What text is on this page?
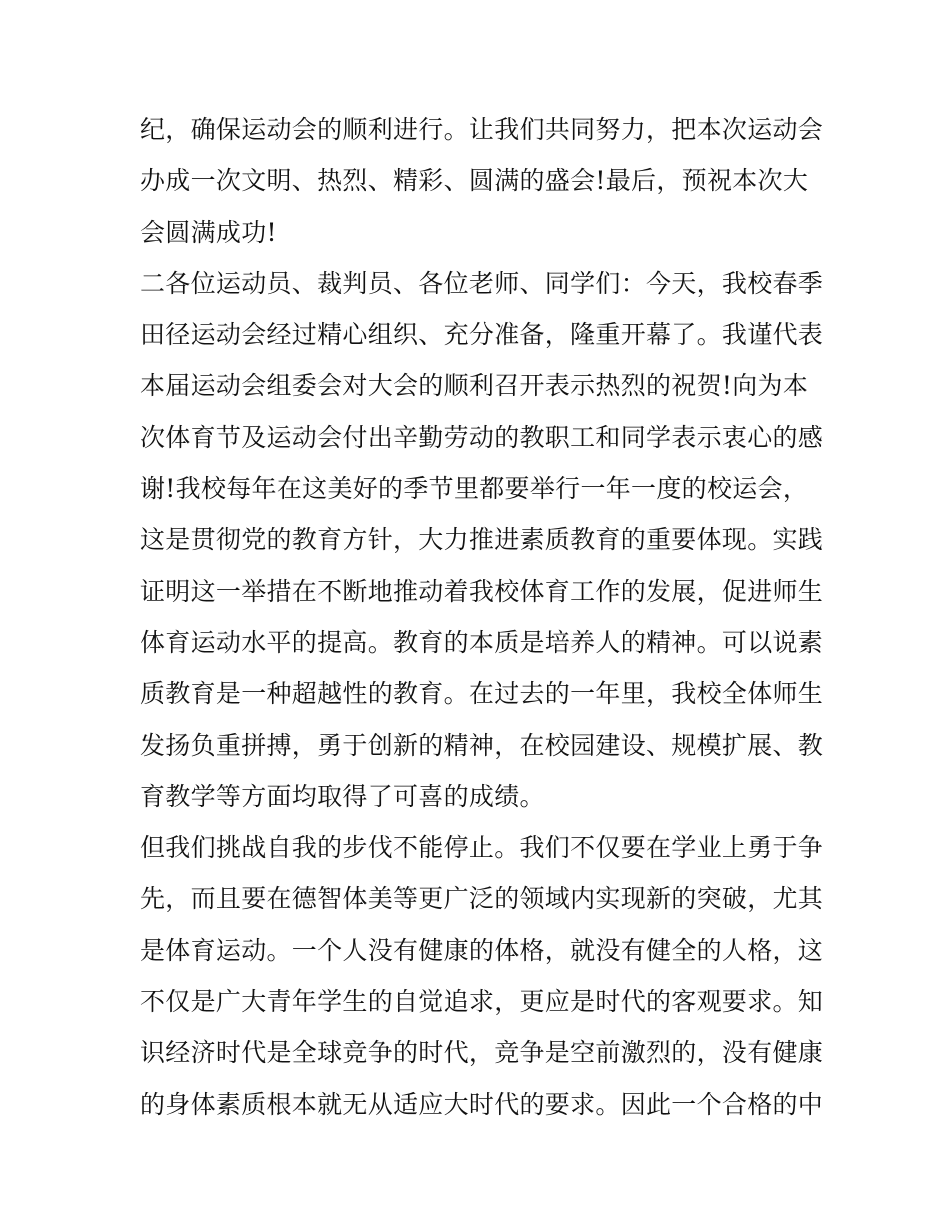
纪，确保运动会的顺利进行。让我们共同努力，把本次运动会
办成一次文明、热烈、精彩、圆满的盛会!最后，预祝本次大
会圆满成功!
二各位运动员、裁判员、各位老师、同学们：今天，我校春季
田径运动会经过精心组织、充分准备，隆重开幕了。我谨代表
本届运动会组委会对大会的顺利召开表示热烈的祝贺!向为本
次体育节及运动会付出辛勤劳动的教职工和同学表示衷心的感
谢!我校每年在这美好的季节里都要举行一年一度的校运会，
这是贯彻党的教育方针，大力推进素质教育的重要体现。实践
证明这一举措在不断地推动着我校体育工作的发展，促进师生
体育运动水平的提高。教育的本质是培养人的精神。可以说素
质教育是一种超越性的教育。在过去的一年里，我校全体师生
发扬负重拼搏，勇于创新的精神，在校园建设、规模扩展、教
育教学等方面均取得了可喜的成绩。
但我们挑战自我的步伐不能停止。我们不仅要在学业上勇于争
先，而且要在德智体美等更广泛的领域内实现新的突破，尤其
是体育运动。一个人没有健康的体格，就没有健全的人格，这
不仅是广大青年学生的自觉追求，更应是时代的客观要求。知
识经济时代是全球竞争的时代，竞争是空前激烈的，没有健康
的身体素质根本就无从适应大时代的要求。因此一个合格的中
